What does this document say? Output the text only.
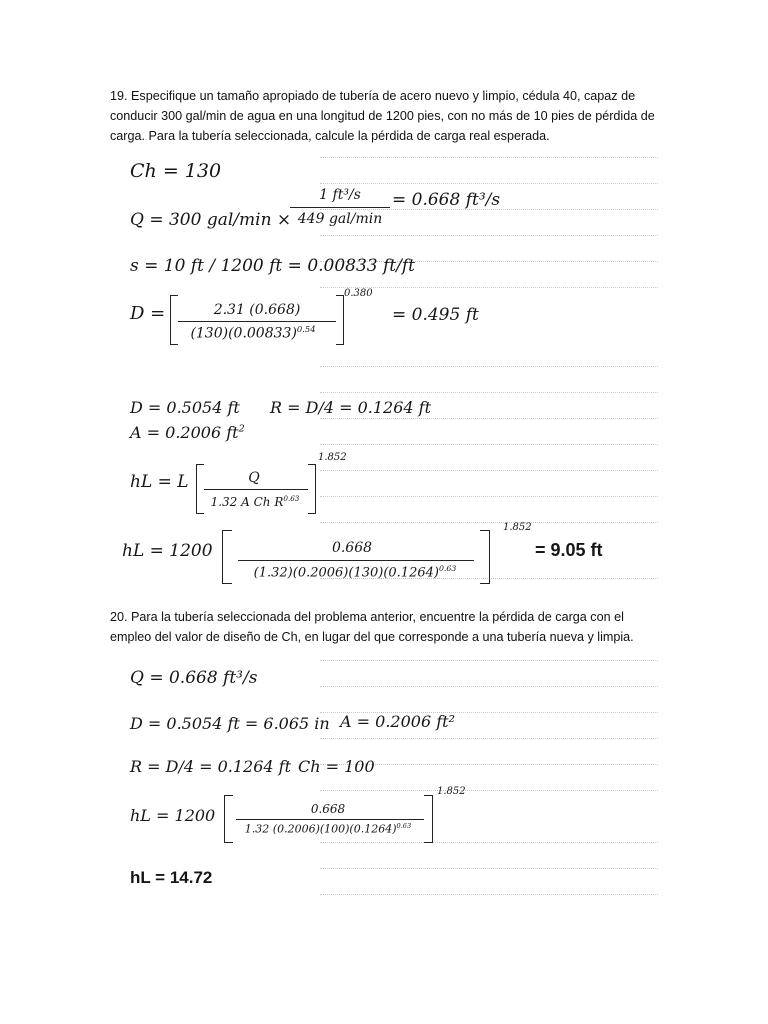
19. Especifique un tamaño apropiado de tubería de acero nuevo y limpio, cédula 40, capaz de conducir 300 gal/min de agua en una longitud de 1200 pies, con no más de 10 pies de pérdida de carga. Para la tubería seleccionada, calcule la pérdida de carga real esperada.
Ch = 130
Q = 300 gal/min ×
1 ft³/s
449 gal/min
= 0.668 ft³/s
s = 10 ft / 1200 ft = 0.00833 ft/ft
D =	2.31 (0.668)
$(130)(0.00833)^{0.54}$
0.380
= 0.495 ft
D = 0.5054 ft R = D/4 = 0.1264 ft
A = 0.2006 $ft^2$
hL = L	Q
1.32 A Ch $R^{0.63}$
1.852
hL = 1200	0.668
$(1.32)(0.2006)(130)(0.1264)^{0.63}$
1.852
= 9.05 ft
20. Para la tubería seleccionada del problema anterior, encuentre la pérdida de carga con el empleo del valor de diseño de Ch, en lugar del que corresponde a una tubería nueva y limpia.
Q = 0.668 ft³/s
D = 0.5054 ft = 6.065 in A = 0.2006 ft²
R = D/4 = 0.1264 ft Ch = 100
hL = 1200	0.668
1.32 $(0.2006)(100)(0.1264)^{0.63}$
1.852
hL = 14.72
